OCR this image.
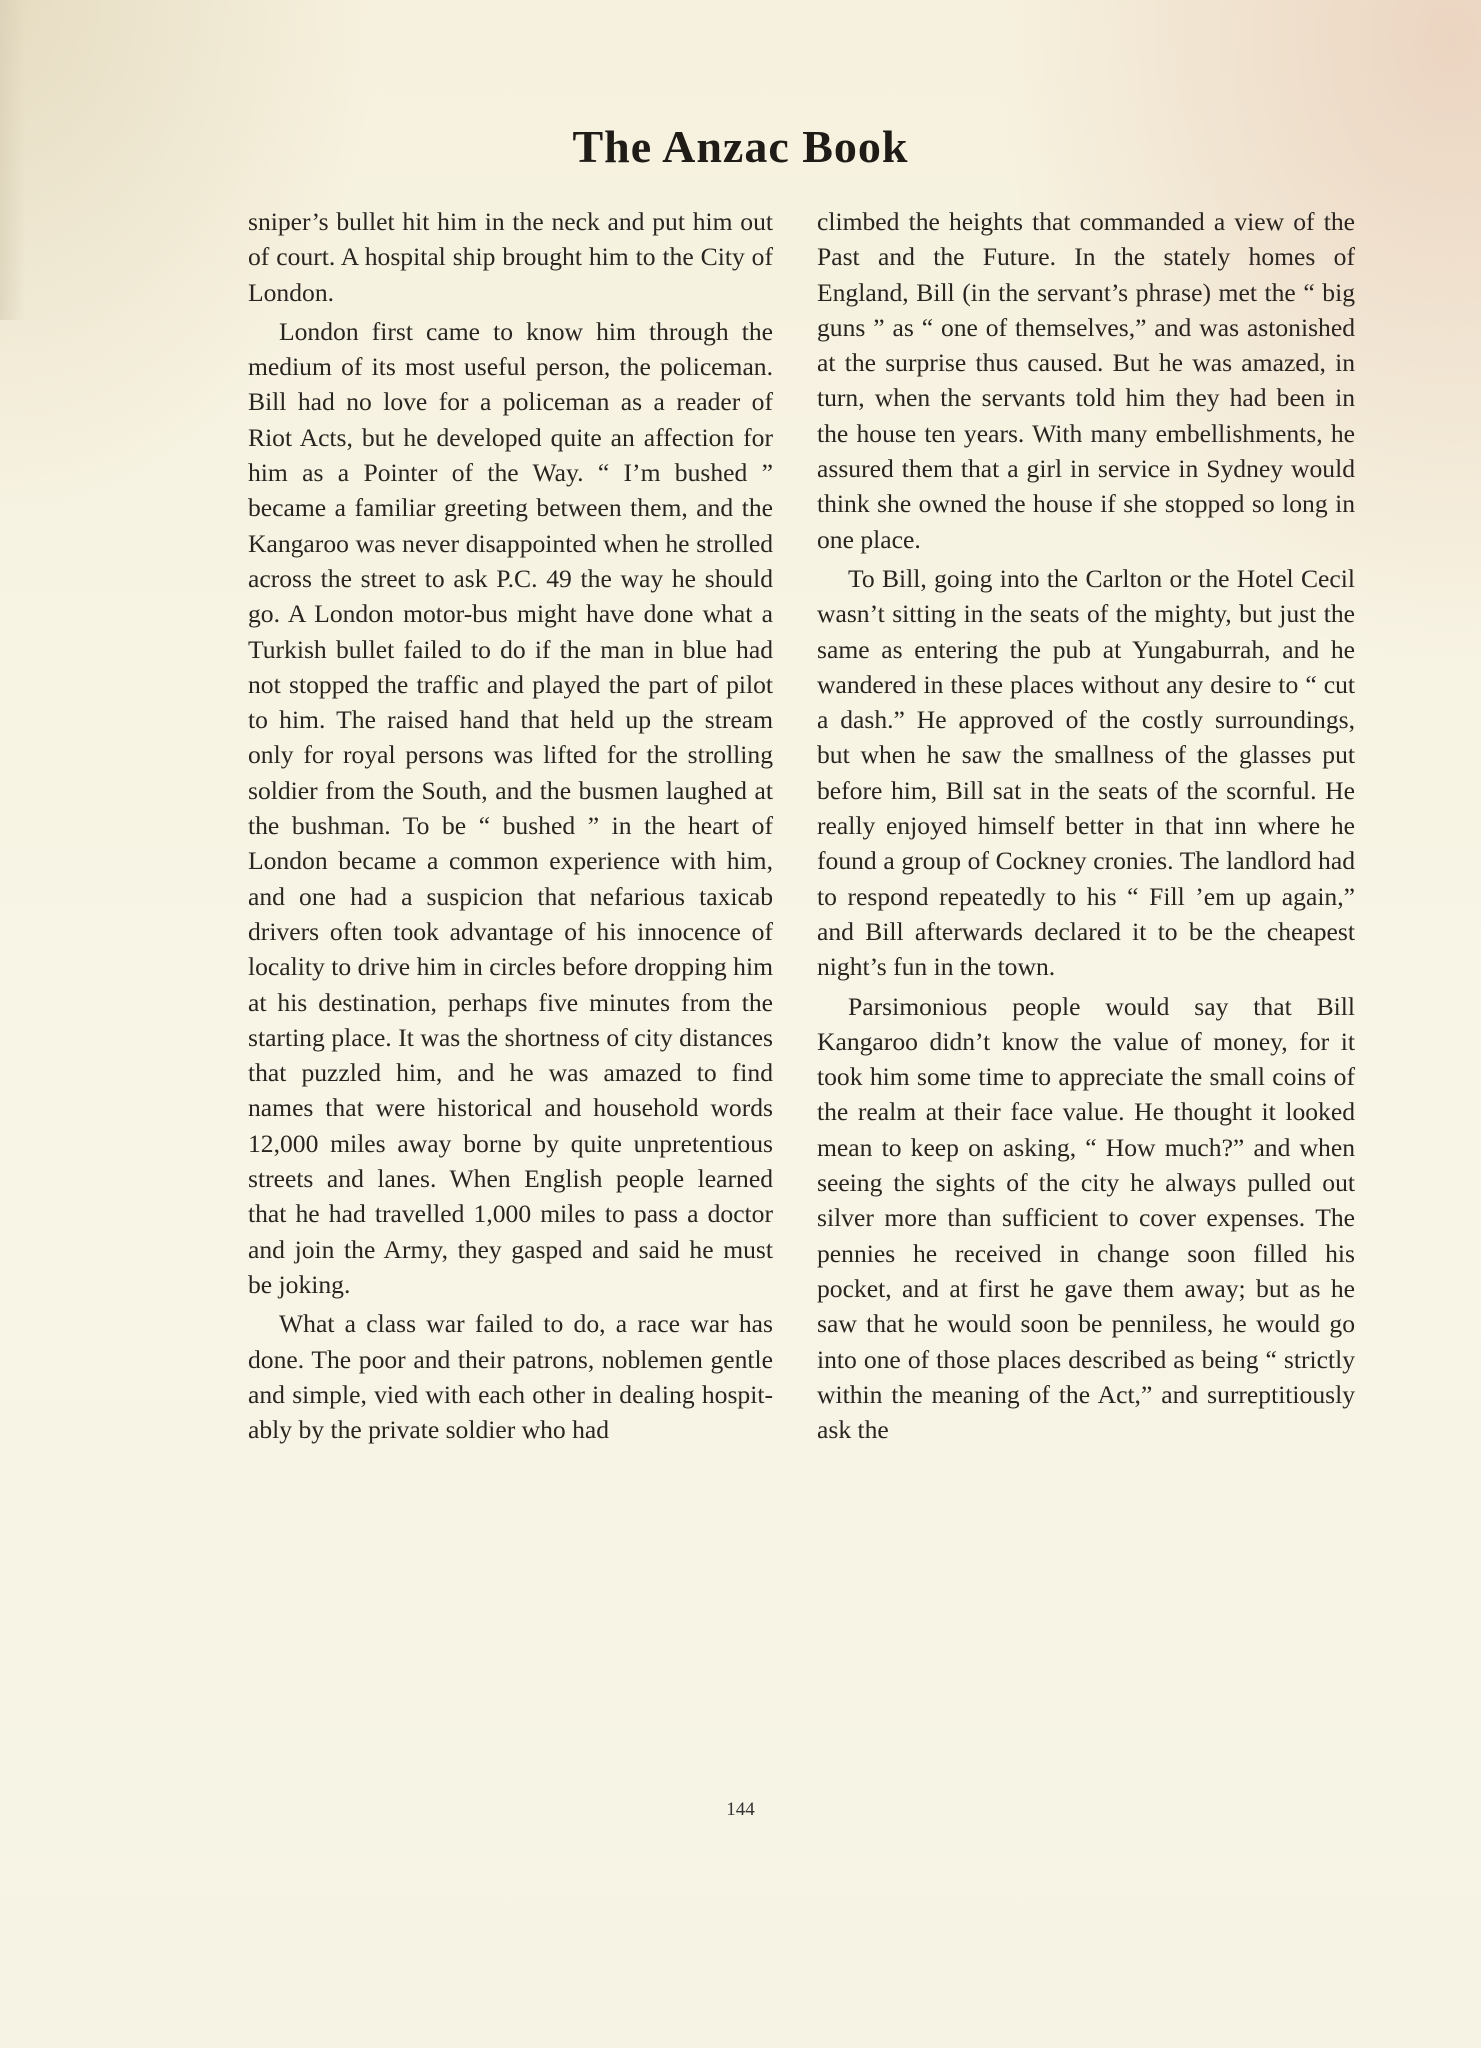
The Anzac Book

sniper’s bullet hit him in the neck and put him out of court. A hospital ship brought him to the City of London.

London first came to know him through the medium of its most useful person, the policeman. Bill had no love for a policeman as a reader of Riot Acts, but he developed quite an affection for him as a Pointer of the Way. “ I’m bushed ” became a familiar greeting between them, and the Kangaroo was never disappointed when he strolled across the street to ask P.C. 49 the way he should go. A London motor-bus might have done what a Turkish bullet failed to do if the man in blue had not stopped the traffic and played the part of pilot to him. The raised hand that held up the stream only for royal persons was lifted for the strolling soldier from the South, and the busmen laughed at the bushman. To be “ bushed ” in the heart of London became a common experience with him, and one had a suspicion that nefarious taxicab drivers often took advantage of his innocence of locality to drive him in circles before dropping him at his destination, perhaps five minutes from the starting place. It was the shortness of city distances that puzzled him, and he was amazed to find names that were historical and household words 12,000 miles away borne by quite unpretentious streets and lanes. When English people learned that he had travelled 1,000 miles to pass a doctor and join the Army, they gasped and said he must be joking.

What a class war failed to do, a race war has done. The poor and their patrons, noblemen gentle and simple, vied with each other in dealing hospitably by the private soldier who had

climbed the heights that commanded a view of the Past and the Future. In the stately homes of England, Bill (in the servant’s phrase) met the “ big guns ” as “ one of themselves,” and was astonished at the surprise thus caused. But he was amazed, in turn, when the servants told him they had been in the house ten years. With many embellishments, he assured them that a girl in service in Sydney would think she owned the house if she stopped so long in one place.

To Bill, going into the Carlton or the Hotel Cecil wasn’t sitting in the seats of the mighty, but just the same as entering the pub at Yungaburrah, and he wandered in these places without any desire to “ cut a dash.” He approved of the costly surroundings, but when he saw the smallness of the glasses put before him, Bill sat in the seats of the scornful. He really enjoyed himself better in that inn where he found a group of Cockney cronies. The landlord had to respond repeatedly to his “ Fill ’em up again,” and Bill afterwards declared it to be the cheapest night’s fun in the town.

Parsimonious people would say that Bill Kangaroo didn’t know the value of money, for it took him some time to appreciate the small coins of the realm at their face value. He thought it looked mean to keep on asking, “ How much?” and when seeing the sights of the city he always pulled out silver more than sufficient to cover expenses. The pennies he received in change soon filled his pocket, and at first he gave them away; but as he saw that he would soon be penniless, he would go into one of those places described as being “ strictly within the meaning of the Act,” and surreptitiously ask the

144
